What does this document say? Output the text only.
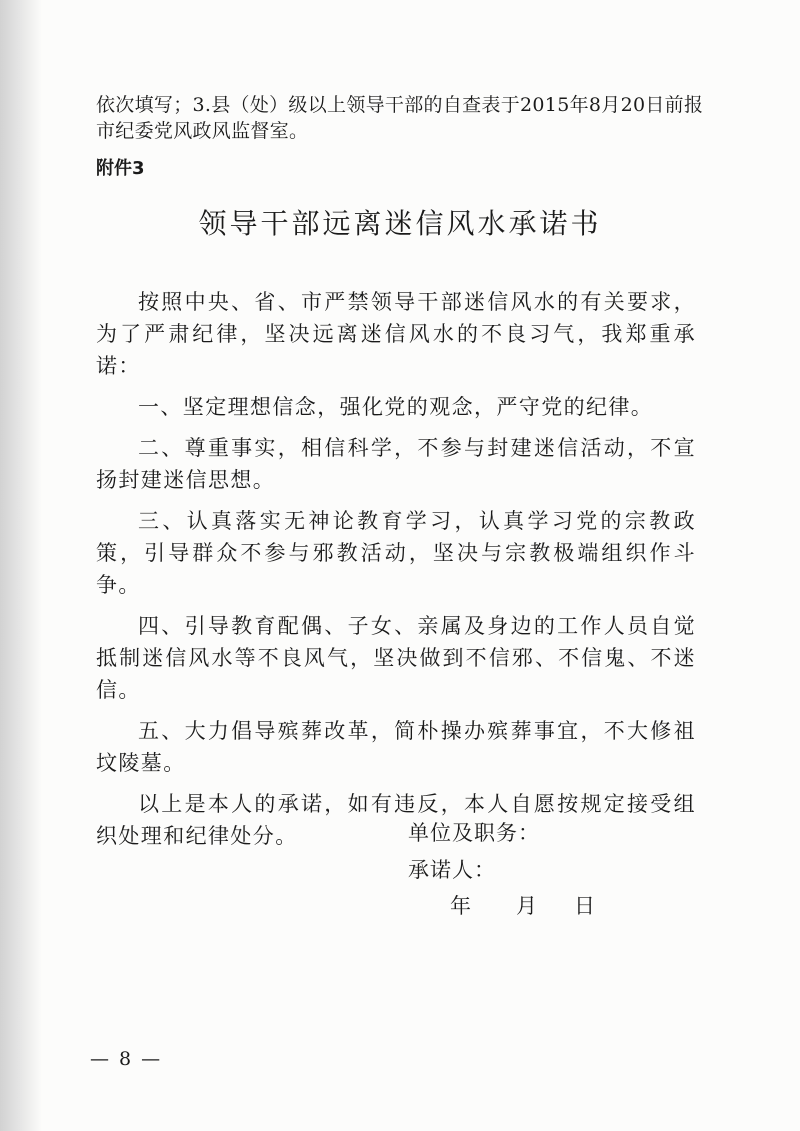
依次填写；3.县（处）级以上领导干部的自查表于2015年8月20日前报

市纪委党风政风监督室。

附件3

领导干部远离迷信风水承诺书

按照中央、省、市严禁领导干部迷信风水的有关要求，为了严肃纪律，坚决远离迷信风水的不良习气，我郑重承诺：

一、坚定理想信念，强化党的观念，严守党的纪律。

二、尊重事实，相信科学，不参与封建迷信活动，不宣扬封建迷信思想。

三、认真落实无神论教育学习，认真学习党的宗教政策，引导群众不参与邪教活动，坚决与宗教极端组织作斗争。

四、引导教育配偶、子女、亲属及身边的工作人员自觉抵制迷信风水等不良风气，坚决做到不信邪、不信鬼、不迷信。

五、大力倡导殡葬改革，简朴操办殡葬事宜，不大修祖坟陵墓。

以上是本人的承诺，如有违反，本人自愿按规定接受组织处理和纪律处分。	单位及职务：

承诺人：

年 月 日

— 8 —
